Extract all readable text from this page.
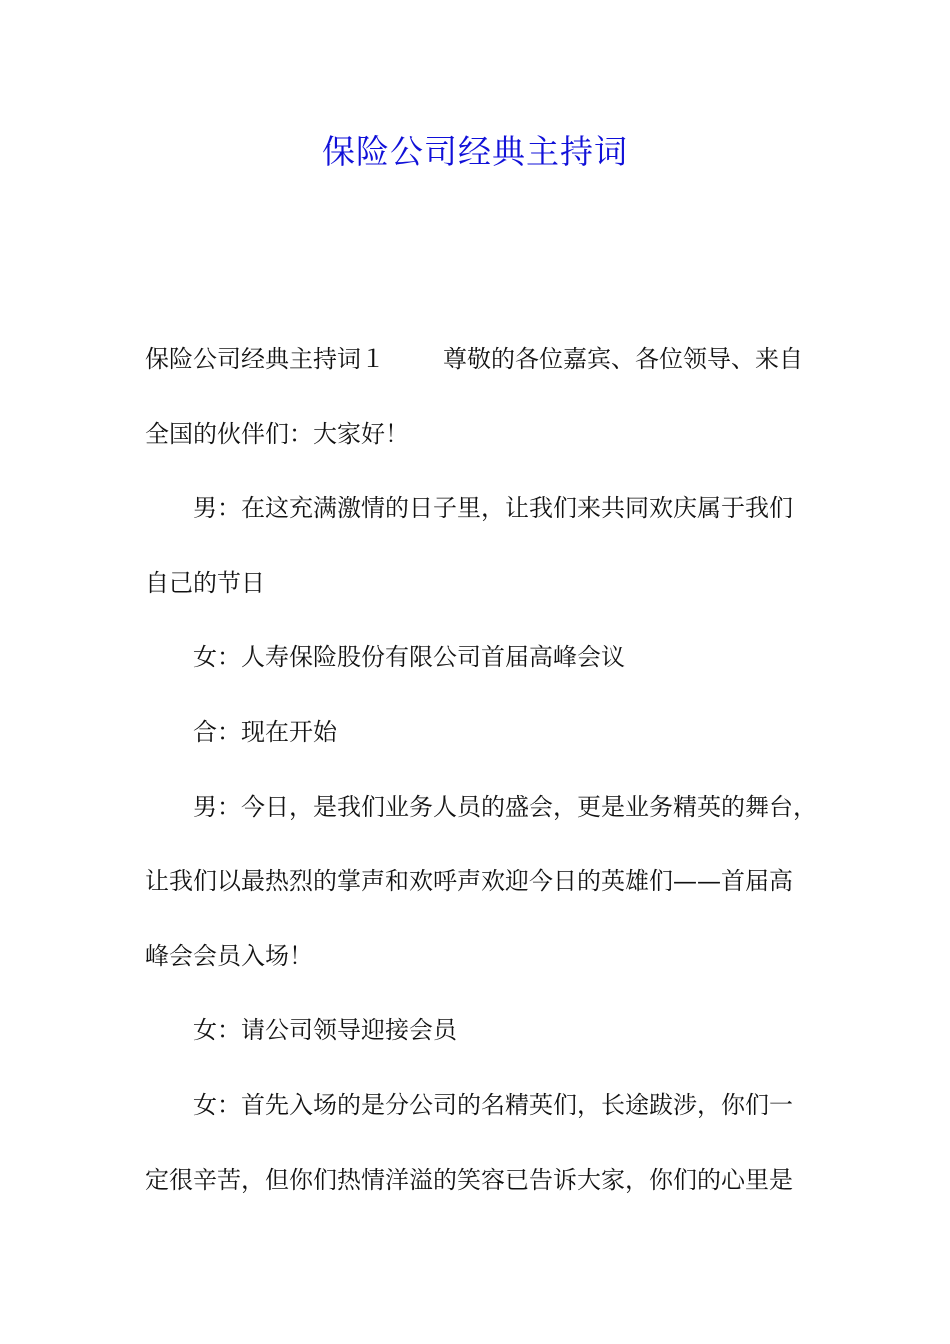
保险公司经典主持词
保险公司经典主持词１ 尊敬的各位嘉宾、各位领导、来自
全国的伙伴们：大家好！
男：在这充满激情的日子里，让我们来共同欢庆属于我们
自己的节日
女：人寿保险股份有限公司首届高峰会议
合：现在开始
男：今日，是我们业务人员的盛会，更是业务精英的舞台，
让我们以最热烈的掌声和欢呼声欢迎今日的英雄们——首届高
峰会会员入场！
女：请公司领导迎接会员
女：首先入场的是分公司的名精英们，长途跋涉，你们一
定很辛苦，但你们热情洋溢的笑容已告诉大家，你们的心里是
